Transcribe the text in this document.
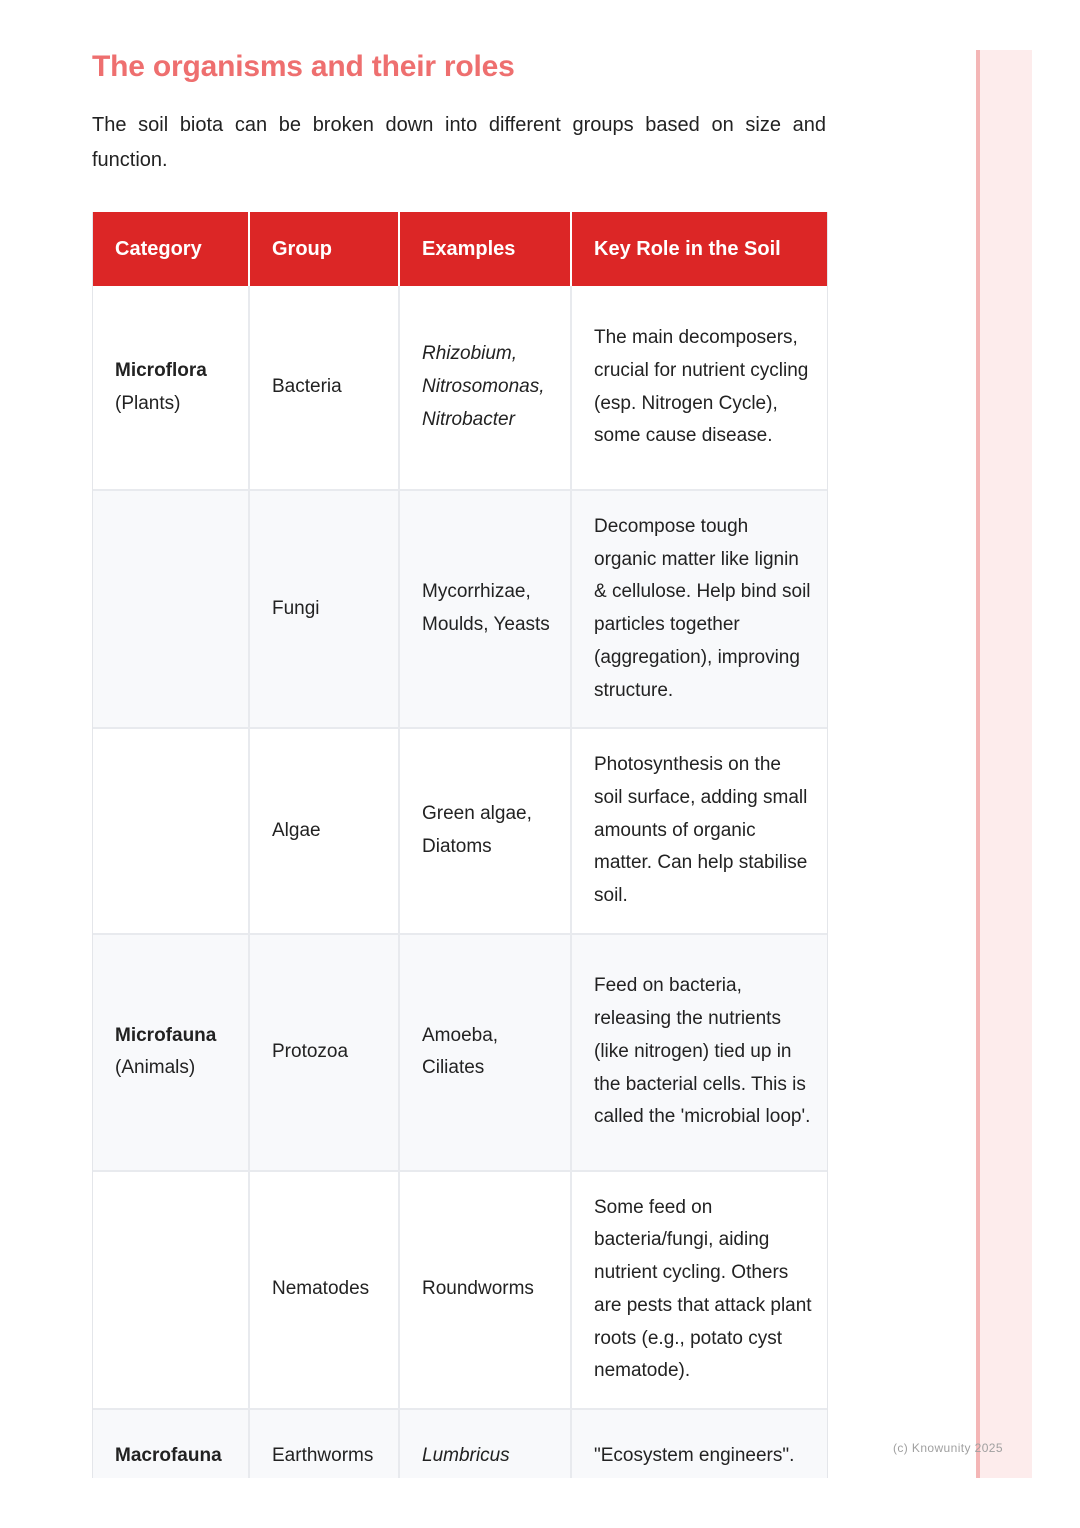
The organisms and their roles

The soil biota can be broken down into different groups based on size and function.

Category	Group	Examples	Key Role in the Soil

Microflora
(Plants)	Bacteria	Rhizobium, Nitrosomonas, Nitrobacter	The main decomposers, crucial for nutrient cycling (esp. Nitrogen Cycle), some cause disease.

	Fungi	Mycorrhizae, Moulds, Yeasts	Decompose tough organic matter like lignin & cellulose. Help bind soil particles together (aggregation), improving structure.

	Algae	Green algae, Diatoms	Photosynthesis on the soil surface, adding small amounts of organic matter. Can help stabilise soil.

Microfauna
(Animals)	Protozoa	Amoeba, Ciliates	Feed on bacteria, releasing the nutrients (like nitrogen) tied up in the bacterial cells. This is called the 'microbial loop'.

	Nematodes	Roundworms	Some feed on bacteria/fungi, aiding nutrient cycling. Others are pests that attack plant roots (e.g., potato cyst nematode).

Macrofauna	Earthworms	Lumbricus	"Ecosystem engineers".	(c) Knowunity 2025
